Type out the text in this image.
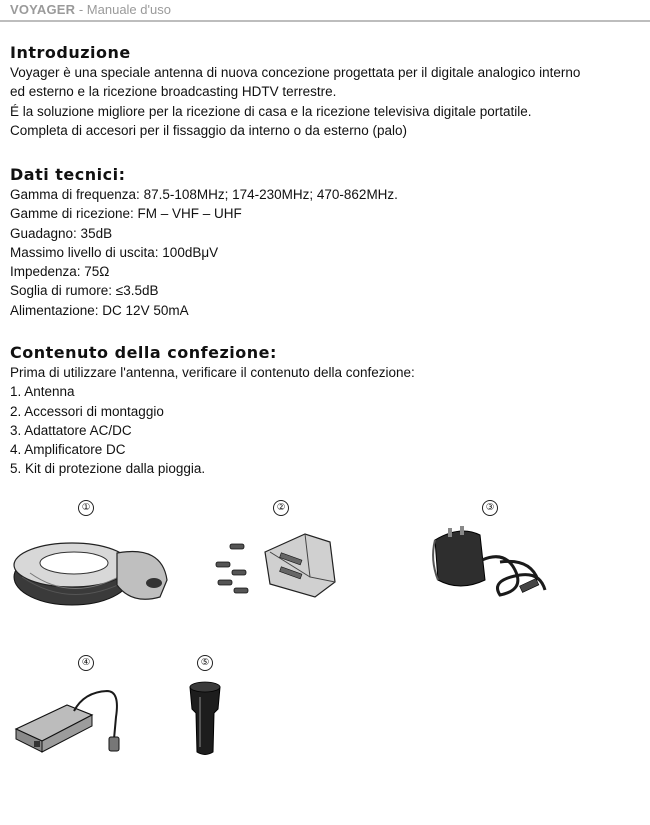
VOYAGER - Manuale d'uso
Introduzione

Voyager è una speciale antenna di nuova concezione progettata per il digitale analogico interno

ed esterno e la ricezione broadcasting HDTV terrestre.

É la soluzione migliore per la ricezione di casa e la ricezione televisiva digitale portatile.

Completa di accesori per il fissaggio da interno o da esterno (palo)

Dati tecnici:

Gamma di frequenza: 87.5-108MHz; 174-230MHz; 470-862MHz.

Gamme di ricezione: FM – VHF – UHF

Guadagno: 35dB

Massimo livello di uscita: 100dBμV

Impedenza: 75Ω

Soglia di rumore: ≤3.5dB

Alimentazione: DC 12V 50mA

Contenuto della confezione:

Prima di utilizzare l'antenna, verificare il contenuto della confezione:

1. Antenna

2. Accessori di montaggio

3. Adattatore AC/DC

4. Amplificatore DC

5. Kit di protezione dalla pioggia.

①	②	③
④	⑤
